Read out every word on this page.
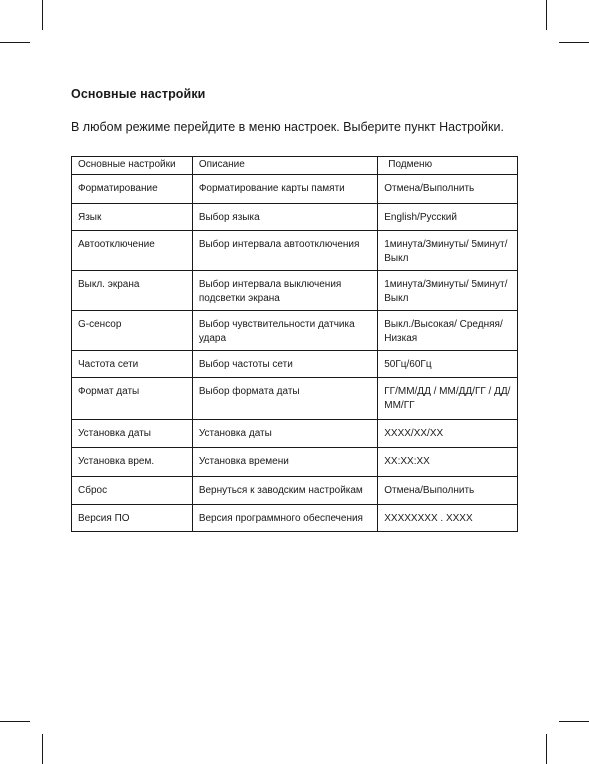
Основные настройки
В любом режиме перейдите в меню настроек. Выберите пункт Настройки.
Основные настройки	Описание	Подменю
Форматирование	Форматирование карты памяти	Отмена/Выполнить
Язык	Выбор языка	English/Русский
Автоотключение	Выбор интервала автоотключения	1минута/3минуты/ 5минут/Выкл
Выкл. экрана	Выбор интервала выключения подсветки экрана	1минута/3минуты/ 5минут/Выкл
G-сенсор	Выбор чувствительности датчика удара	Выкл./Высокая/ Средняя/Низкая
Частота сети	Выбор частоты сети	50Гц/60Гц
Формат даты	Выбор формата даты	ГГ/ММ/ДД / ММ/ДД/ГГ / ДД/ММ/ГГ
Установка даты	Установка даты	ХХХХ/ХХ/ХХ
Установка врем.	Установка времени	ХХ:ХХ:ХХ
Сброс	Вернуться к заводским настройкам	Отмена/Выполнить
Версия ПО	Версия программного обеспечения	ХХХХХХХХ . ХХХХ
